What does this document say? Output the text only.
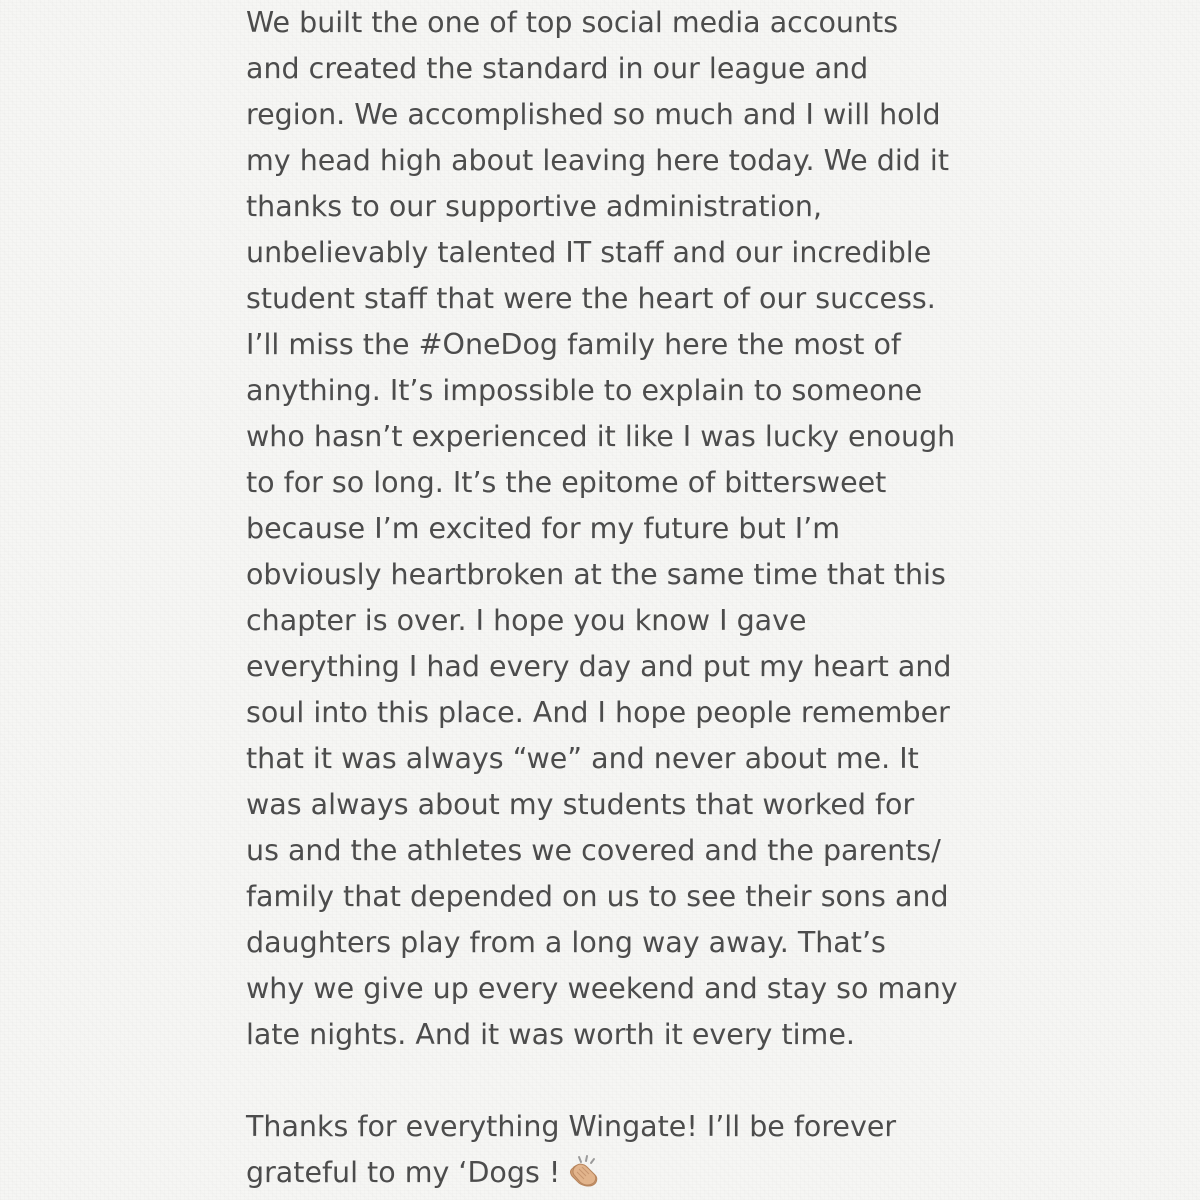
We built the one of top social media accounts
and created the standard in our league and
region. We accomplished so much and I will hold
my head high about leaving here today. We did it
thanks to our supportive administration,
unbelievably talented IT staff and our incredible
student staff that were the heart of our success.
I’ll miss the #OneDog family here the most of
anything. It’s impossible to explain to someone
who hasn’t experienced it like I was lucky enough
to for so long. It’s the epitome of bittersweet
because I’m excited for my future but I’m
obviously heartbroken at the same time that this
chapter is over. I hope you know I gave
everything I had every day and put my heart and
soul into this place. And I hope people remember
that it was always “we” and never about me. It
was always about my students that worked for
us and the athletes we covered and the parents/
family that depended on us to see their sons and
daughters play from a long way away. That’s
why we give up every weekend and stay so many
late nights. And it was worth it every time.
Thanks for everything Wingate! I’ll be forever
grateful to my ‘Dogs !
